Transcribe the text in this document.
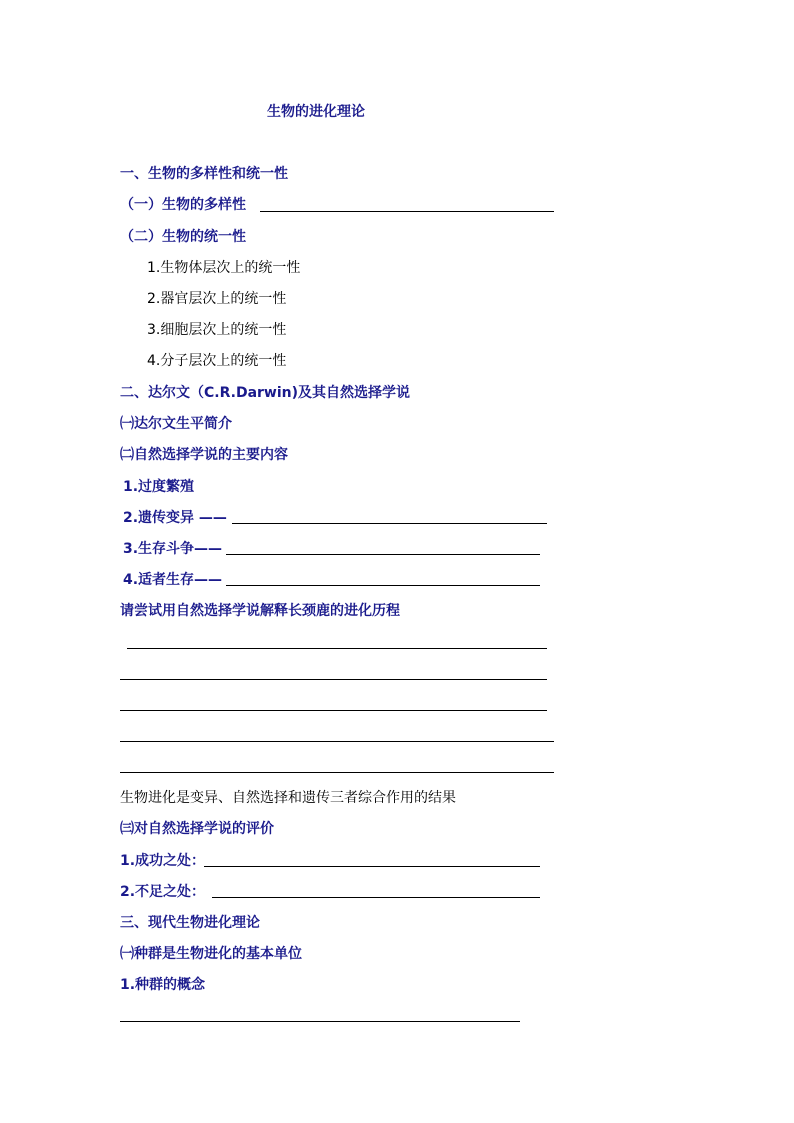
生物的进化理论
一、生物的多样性和统一性
（一）生物的多样性
（二）生物的统一性
1.生物体层次上的统一性
2.器官层次上的统一性
3.细胞层次上的统一性
4.分子层次上的统一性
二、达尔文（C.R.Darwin)及其自然选择学说
㈠达尔文生平简介
㈡自然选择学说的主要内容
1.过度繁殖
2.遗传变异 ——
3.生存斗争——
4.适者生存——
请尝试用自然选择学说解释长颈鹿的进化历程
生物进化是变异、自然选择和遗传三者综合作用的结果
㈢对自然选择学说的评价
1.成功之处：
2.不足之处：
三、现代生物进化理论
㈠种群是生物进化的基本单位
1.种群的概念
